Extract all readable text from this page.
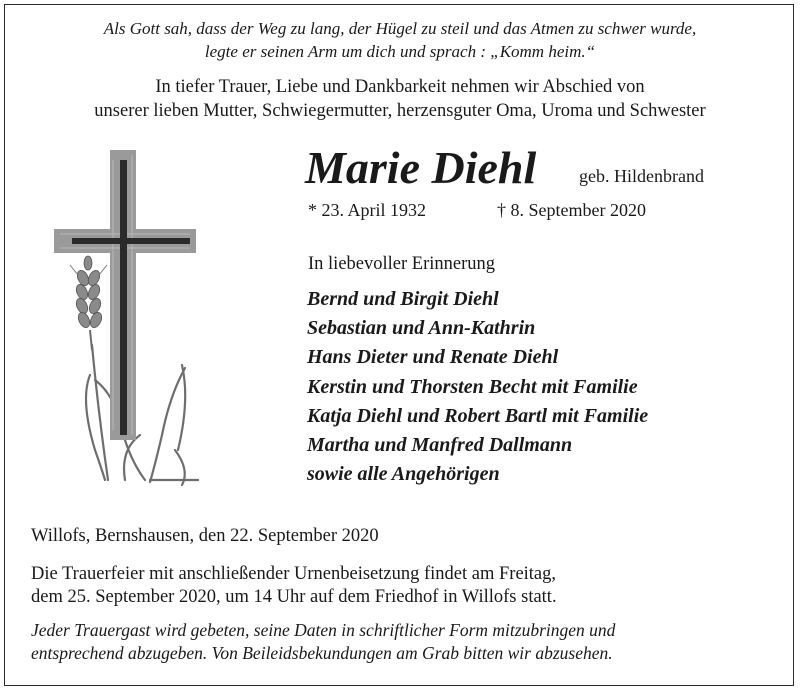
Als Gott sah, dass der Weg zu lang, der Hügel zu steil und das Atmen zu schwer wurde,
legte er seinen Arm um dich und sprach : „Komm heim.“
In tiefer Trauer, Liebe und Dankbarkeit nehmen wir Abschied von
unserer lieben Mutter, Schwiegermutter, herzensguter Oma, Uroma und Schwester
Marie Diehl geb. Hildenbrand
* 23. April 1932	† 8. September 2020
In liebevoller Erinnerung
Bernd und Birgit Diehl
Sebastian und Ann-Kathrin
Hans Dieter und Renate Diehl
Kerstin und Thorsten Becht mit Familie
Katja Diehl und Robert Bartl mit Familie
Martha und Manfred Dallmann
sowie alle Angehörigen
Willofs, Bernshausen, den 22. September 2020
Die Trauerfeier mit anschließender Urnenbeisetzung findet am Freitag,
dem 25. September 2020, um 14 Uhr auf dem Friedhof in Willofs statt.
Jeder Trauergast wird gebeten, seine Daten in schriftlicher Form mitzubringen und
entsprechend abzugeben. Von Beileidsbekundungen am Grab bitten wir abzusehen.
